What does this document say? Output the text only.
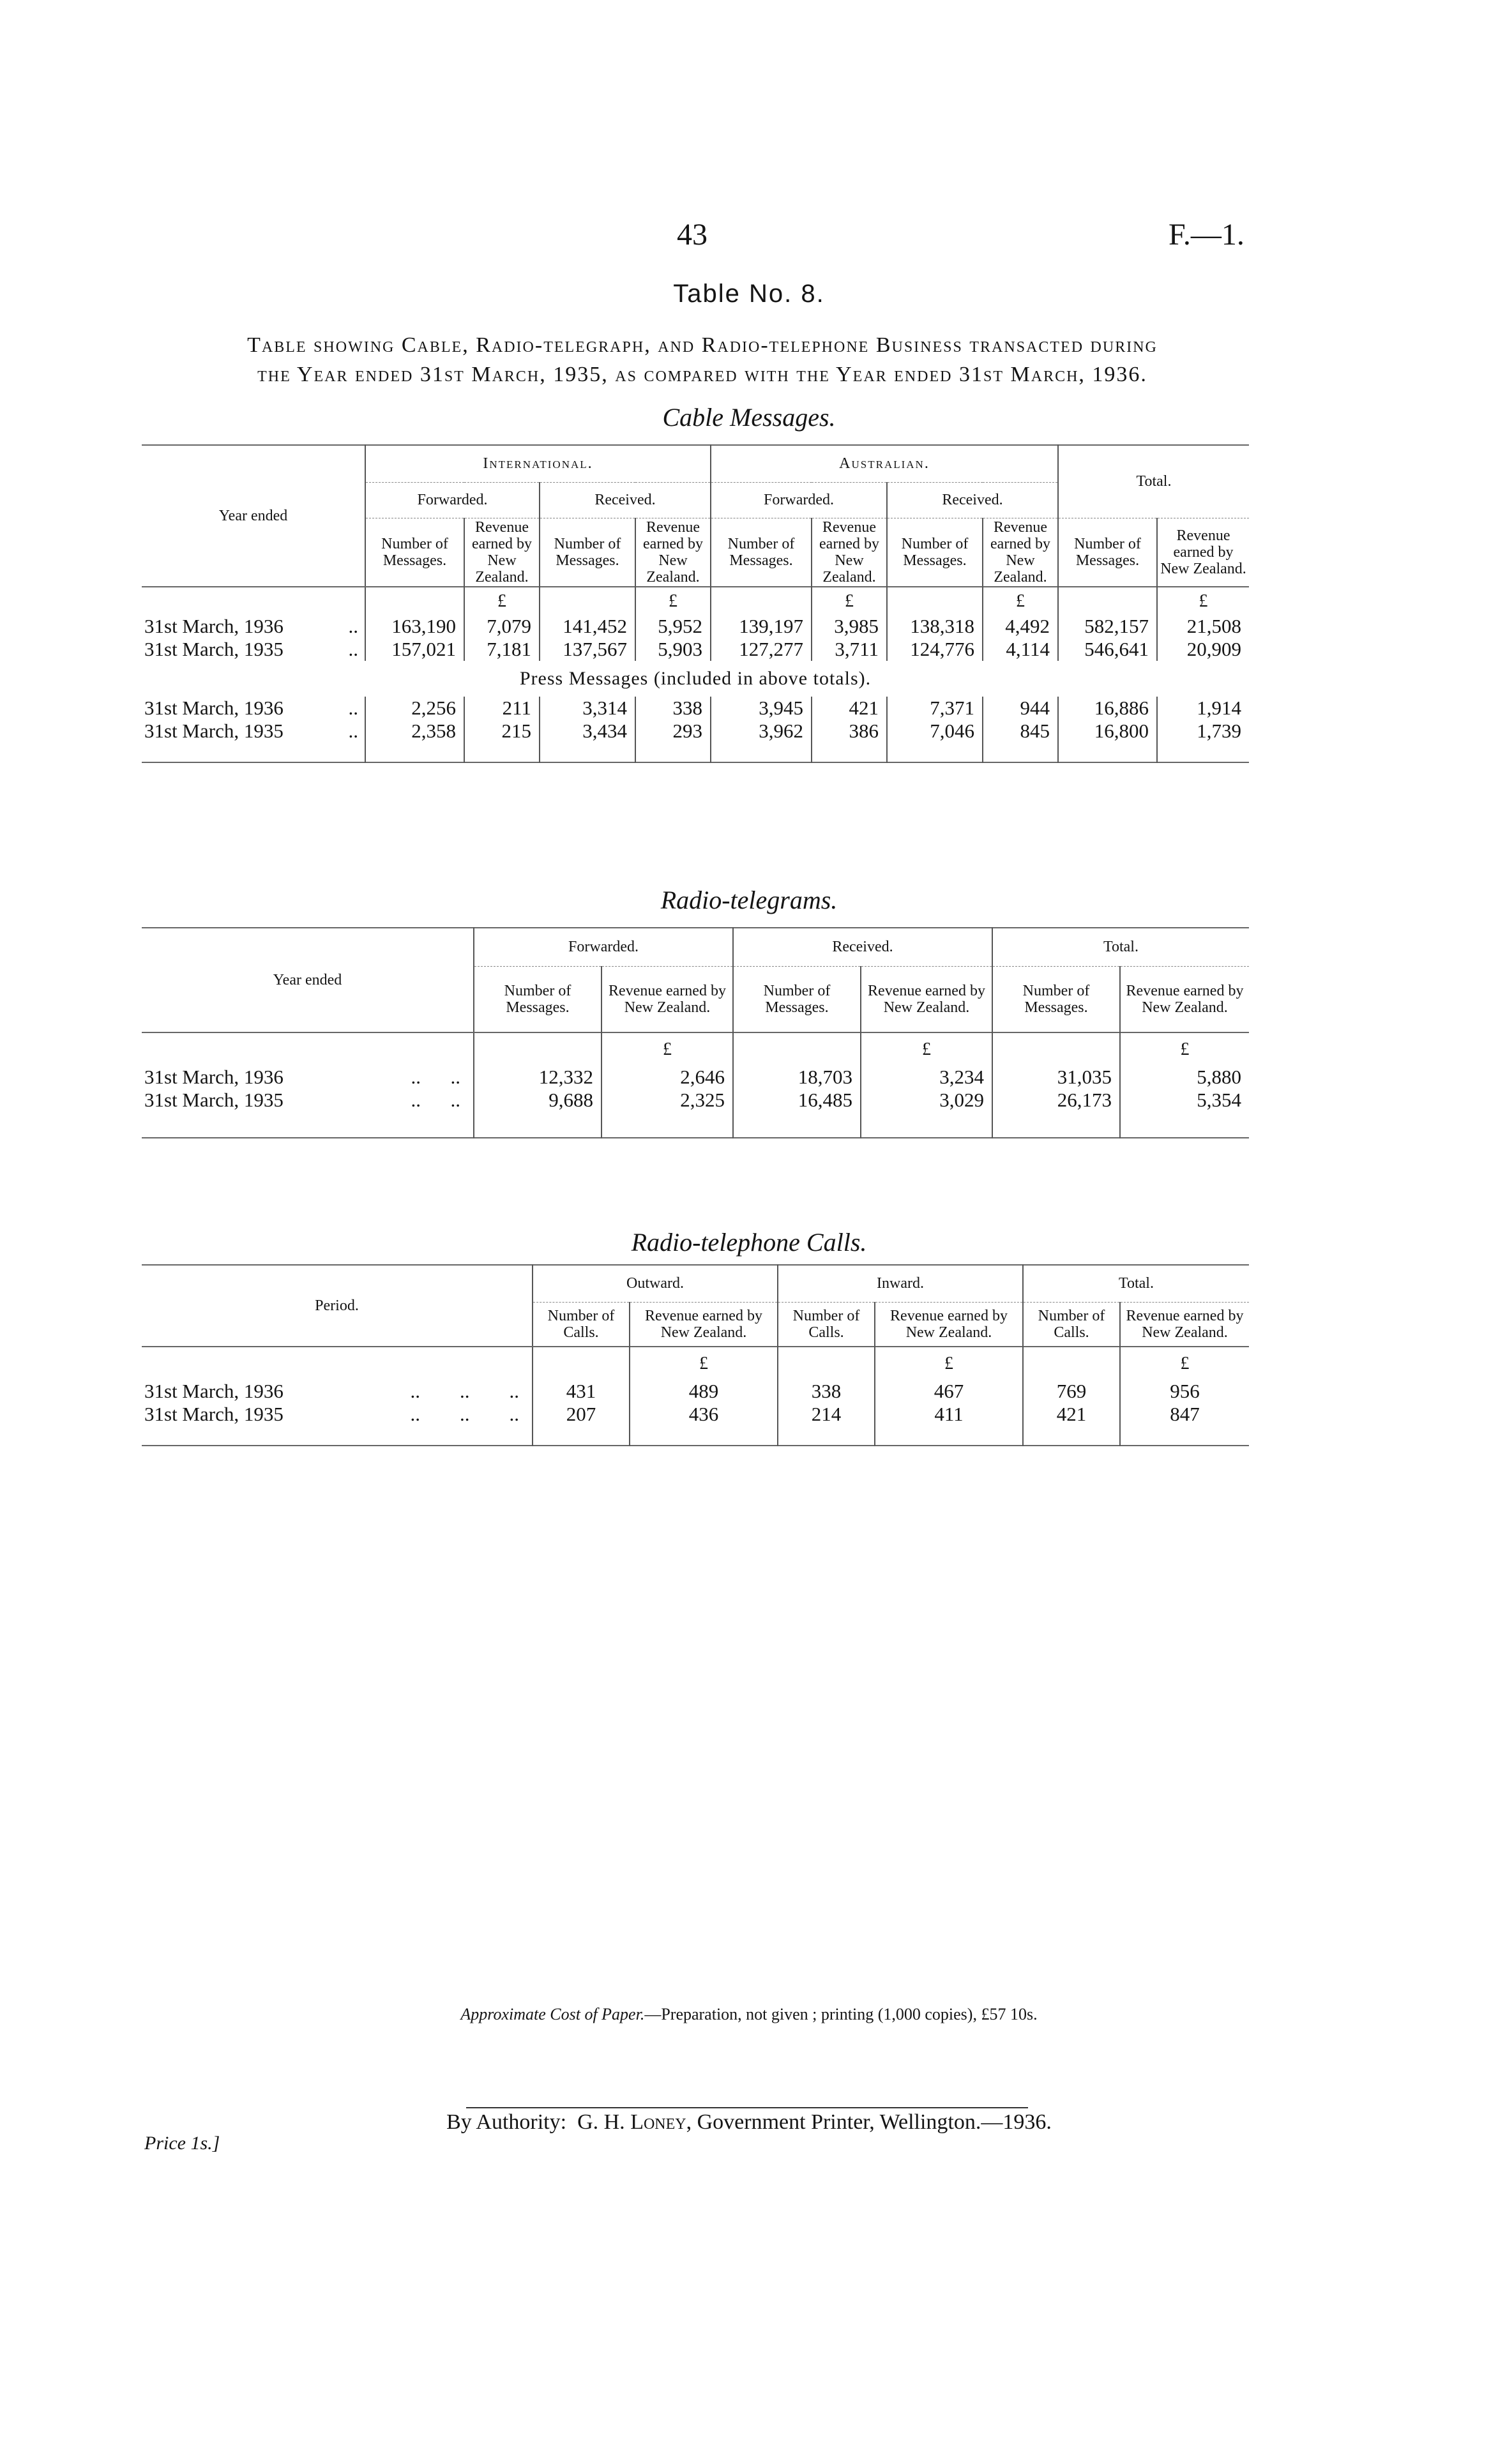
43	F.—1.
Table No. 8.
Table showing Cable, Radio-telegraph, and Radio-telephone Business transacted during
the Year ended 31st March, 1935, as compared with the Year ended 31st March, 1936.
Cable Messages.
Year ended	International.				Australian.				Total.	
	Forwarded.		Received.		Forwarded.		Received.			
	Number of Messages.	Revenue earned by New Zealand.	Number of Messages.	Revenue earned by New Zealand.	Number of Messages.	Revenue earned by New Zealand.	Number of Messages.	Revenue earned by New Zealand.	Number of Messages.	Revenue earned by New Zealand.
		£		£		£		£		£
31st March, 1936 ..	163,190	7,079	141,452	5,952	139,197	3,985	138,318	4,492	582,157	21,508
31st March, 1935 ..	157,021	7,181	137,567	5,903	127,277	3,711	124,776	4,114	546,641	20,909
Press Messages (included in above totals).										
31st March, 1936 ..	2,256	211	3,314	338	3,945	421	7,371	944	16,886	1,914
31st March, 1935 ..	2,358	215	3,434	293	3,962	386	7,046	845	16,800	1,739
Radio-telegrams.
Year ended	Forwarded.		Received.		Total.	
	Number of Messages.	Revenue earned by New Zealand.	Number of Messages.	Revenue earned by New Zealand.	Number of Messages.	Revenue earned by New Zealand.
		£		£		£
31st March, 1936 ..      ..	12,332	2,646	18,703	3,234	31,035	5,880
31st March, 1935 ..      ..	9,688	2,325	16,485	3,029	26,173	5,354
Radio-telephone Calls.
Period.	Outward.		Inward.		Total.	
	Number of Calls.	Revenue earned by New Zealand.	Number of Calls.	Revenue earned by New Zealand.	Number of Calls.	Revenue earned by New Zealand.
		£		£		£
31st March, 1936 ..        ..        ..	431	489	338	467	769	956
31st March, 1935 ..        ..        ..	207	436	214	411	421	847
Approximate Cost of Paper.—Preparation, not given ; printing (1,000 copies), £57 10s.
By Authority:  G. H. Loney, Government Printer, Wellington.—1936.
Price 1s.]
